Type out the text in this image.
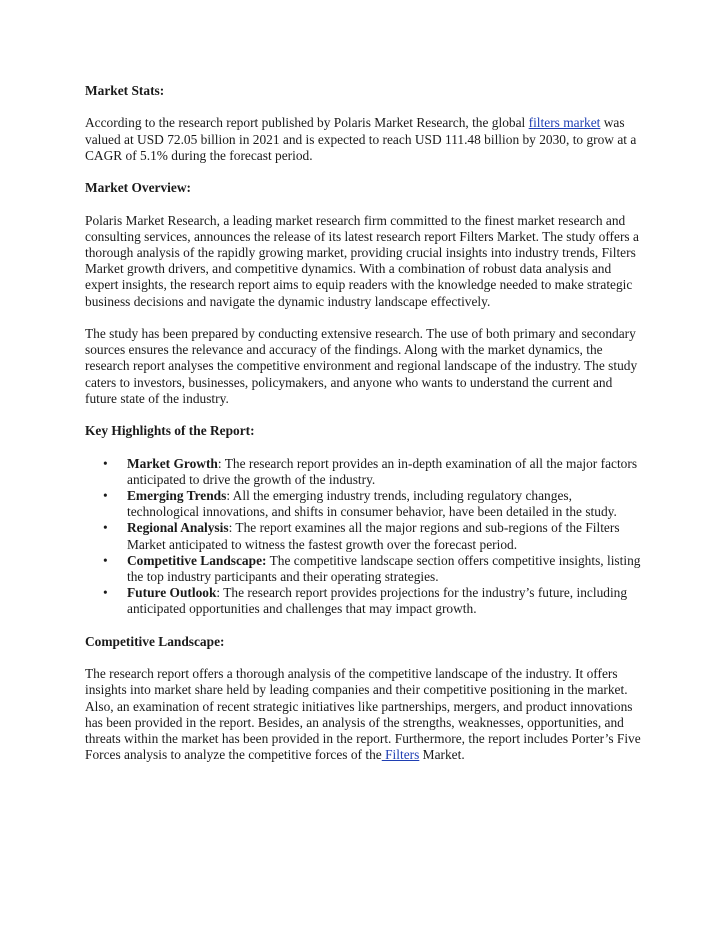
Market Stats:

According to the research report published by Polaris Market Research, the global filters market was valued at USD 72.05 billion in 2021 and is expected to reach USD 111.48 billion by 2030, to grow at a CAGR of 5.1% during the forecast period.

Market Overview:

Polaris Market Research, a leading market research firm committed to the finest market research and consulting services, announces the release of its latest research report Filters Market. The study offers a thorough analysis of the rapidly growing market, providing crucial insights into industry trends, Filters Market growth drivers, and competitive dynamics. With a combination of robust data analysis and expert insights, the research report aims to equip readers with the knowledge needed to make strategic business decisions and navigate the dynamic industry landscape effectively.

The study has been prepared by conducting extensive research. The use of both primary and secondary sources ensures the relevance and accuracy of the findings. Along with the market dynamics, the research report analyses the competitive environment and regional landscape of the industry. The study caters to investors, businesses, policymakers, and anyone who wants to understand the current and future state of the industry.

Key Highlights of the Report:
• Market Growth: The research report provides an in-depth examination of all the major factors anticipated to drive the growth of the industry.
• Emerging Trends: All the emerging industry trends, including regulatory changes, technological innovations, and shifts in consumer behavior, have been detailed in the study.
• Regional Analysis: The report examines all the major regions and sub-regions of the Filters Market anticipated to witness the fastest growth over the forecast period.
• Competitive Landscape: The competitive landscape section offers competitive insights, listing the top industry participants and their operating strategies.
• Future Outlook: The research report provides projections for the industry’s future, including anticipated opportunities and challenges that may impact growth.
Competitive Landscape:

The research report offers a thorough analysis of the competitive landscape of the industry. It offers insights into market share held by leading companies and their competitive positioning in the market. Also, an examination of recent strategic initiatives like partnerships, mergers, and product innovations has been provided in the report. Besides, an analysis of the strengths, weaknesses, opportunities, and threats within the market has been provided in the report. Furthermore, the report includes Porter’s Five Forces analysis to analyze the competitive forces of the Filters Market.
